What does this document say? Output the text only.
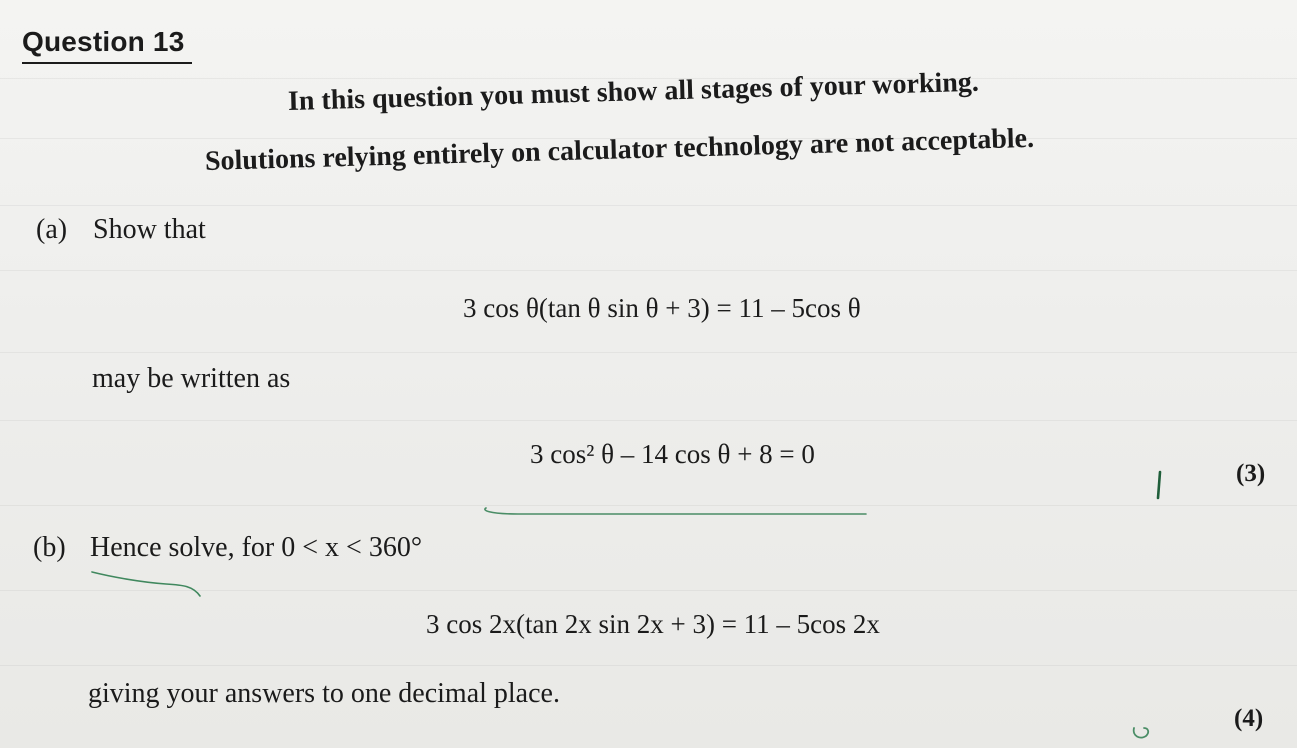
Question 13
In this question you must show all stages of your working.
Solutions relying entirely on calculator technology are not acceptable.
(a) Show that
3 cos θ(tan θ sin θ + 3) = 11 – 5cos θ
may be written as
3 cos² θ – 14 cos θ + 8 = 0
(3)
(b) Hence solve, for 0 < x < 360°
3 cos 2x(tan 2x sin 2x + 3) = 11 – 5cos 2x
giving your answers to one decimal place.
(4)
